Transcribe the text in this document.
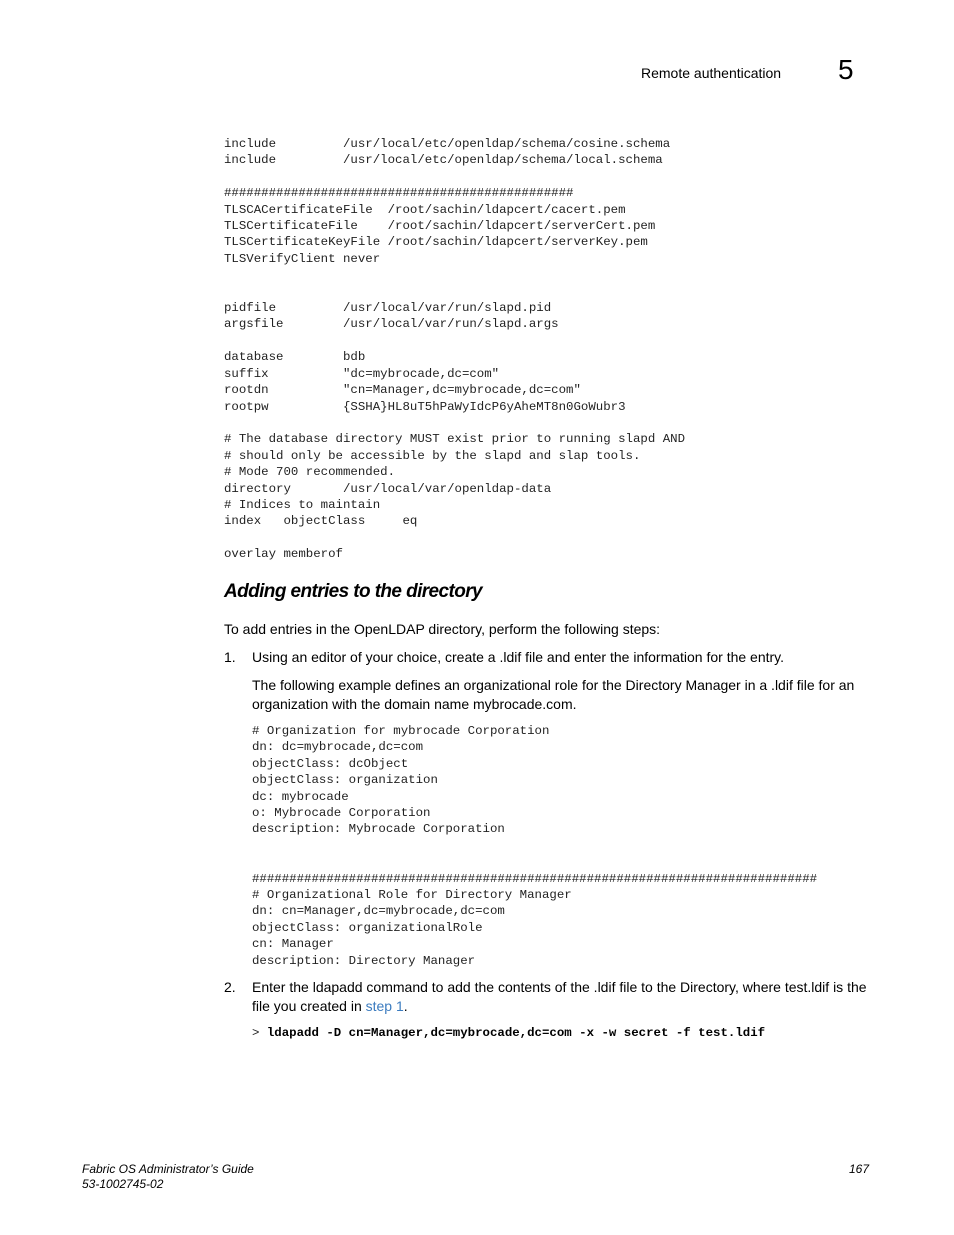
Remote authentication 5
include         /usr/local/etc/openldap/schema/cosine.schema
include         /usr/local/etc/openldap/schema/local.schema

###############################################
TLSCACertificateFile  /root/sachin/ldapcert/cacert.pem
TLSCertificateFile    /root/sachin/ldapcert/serverCert.pem
TLSCertificateKeyFile /root/sachin/ldapcert/serverKey.pem
TLSVerifyClient never

pidfile         /usr/local/var/run/slapd.pid
argsfile        /usr/local/var/run/slapd.args

database        bdb
suffix          "dc=mybrocade,dc=com"
rootdn          "cn=Manager,dc=mybrocade,dc=com"
rootpw          {SSHA}HL8uT5hPaWyIdcP6yAheMT8n0GoWubr3

# The database directory MUST exist prior to running slapd AND
# should only be accessible by the slapd and slap tools.
# Mode 700 recommended.
directory       /usr/local/var/openldap-data
# Indices to maintain
index   objectClass     eq

overlay memberof
Adding entries to the directory
To add entries in the OpenLDAP directory, perform the following steps:
1. Using an editor of your choice, create a .ldif file and enter the information for the entry.
The following example defines an organizational role for the Directory Manager in a .ldif file for an organization with the domain name mybrocade.com.
# Organization for mybrocade Corporation
dn: dc=mybrocade,dc=com
objectClass: dcObject
objectClass: organization
dc: mybrocade
o: Mybrocade Corporation
description: Mybrocade Corporation

############################################################################
# Organizational Role for Directory Manager
dn: cn=Manager,dc=mybrocade,dc=com
objectClass: organizationalRole
cn: Manager
description: Directory Manager
2. Enter the ldapadd command to add the contents of the .ldif file to the Directory, where test.ldif is the file you created in step 1.
> ldapadd -D cn=Manager,dc=mybrocade,dc=com -x -w secret -f test.ldif
Fabric OS Administrator’s Guide
53-1002745-02
167
